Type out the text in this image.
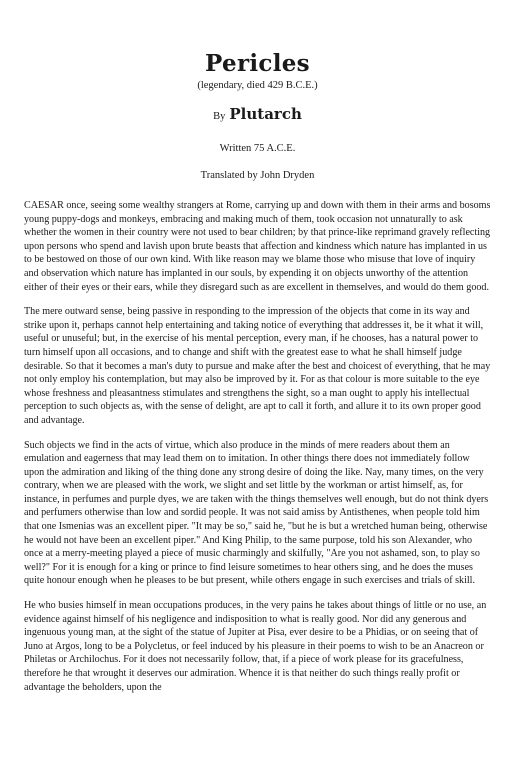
Pericles
(legendary, died 429 B.C.E.)
By Plutarch
Written 75 A.C.E.
Translated by John Dryden

CAESAR once, seeing some wealthy strangers at Rome, carrying up and down with them in their arms and bosoms young puppy-dogs and monkeys, embracing and making much of them, took occasion not unnaturally to ask whether the women in their country were not used to bear children; by that prince-like reprimand gravely reflecting upon persons who spend and lavish upon brute beasts that affection and kindness which nature has implanted in us to be bestowed on those of our own kind. With like reason may we blame those who misuse that love of inquiry and observation which nature has implanted in our souls, by expending it on objects unworthy of the attention either of their eyes or their ears, while they disregard such as are excellent in themselves, and would do them good.

The mere outward sense, being passive in responding to the impression of the objects that come in its way and strike upon it, perhaps cannot help entertaining and taking notice of everything that addresses it, be it what it will, useful or unuseful; but, in the exercise of his mental perception, every man, if he chooses, has a natural power to turn himself upon all occasions, and to change and shift with the greatest ease to what he shall himself judge desirable. So that it becomes a man's duty to pursue and make after the best and choicest of everything, that he may not only employ his contemplation, but may also be improved by it. For as that colour is more suitable to the eye whose freshness and pleasantness stimulates and strengthens the sight, so a man ought to apply his intellectual perception to such objects as, with the sense of delight, are apt to call it forth, and allure it to its own proper good and advantage.

Such objects we find in the acts of virtue, which also produce in the minds of mere readers about them an emulation and eagerness that may lead them on to imitation. In other things there does not immediately follow upon the admiration and liking of the thing done any strong desire of doing the like. Nay, many times, on the very contrary, when we are pleased with the work, we slight and set little by the workman or artist himself, as, for instance, in perfumes and purple dyes, we are taken with the things themselves well enough, but do not think dyers and perfumers otherwise than low and sordid people. It was not said amiss by Antisthenes, when people told him that one Ismenias was an excellent piper. "It may be so," said he, "but he is but a wretched human being, otherwise he would not have been an excellent piper." And King Philip, to the same purpose, told his son Alexander, who once at a merry-meeting played a piece of music charmingly and skilfully, "Are you not ashamed, son, to play so well?" For it is enough for a king or prince to find leisure sometimes to hear others sing, and he does the muses quite honour enough when he pleases to be but present, while others engage in such exercises and trials of skill.

He who busies himself in mean occupations produces, in the very pains he takes about things of little or no use, an evidence against himself of his negligence and indisposition to what is really good. Nor did any generous and ingenuous young man, at the sight of the statue of Jupiter at Pisa, ever desire to be a Phidias, or on seeing that of Juno at Argos, long to be a Polycletus, or feel induced by his pleasure in their poems to wish to be an Anacreon or Philetas or Archilochus. For it does not necessarily follow, that, if a piece of work please for its gracefulness, therefore he that wrought it deserves our admiration. Whence it is that neither do such things really profit or advantage the beholders, upon the
